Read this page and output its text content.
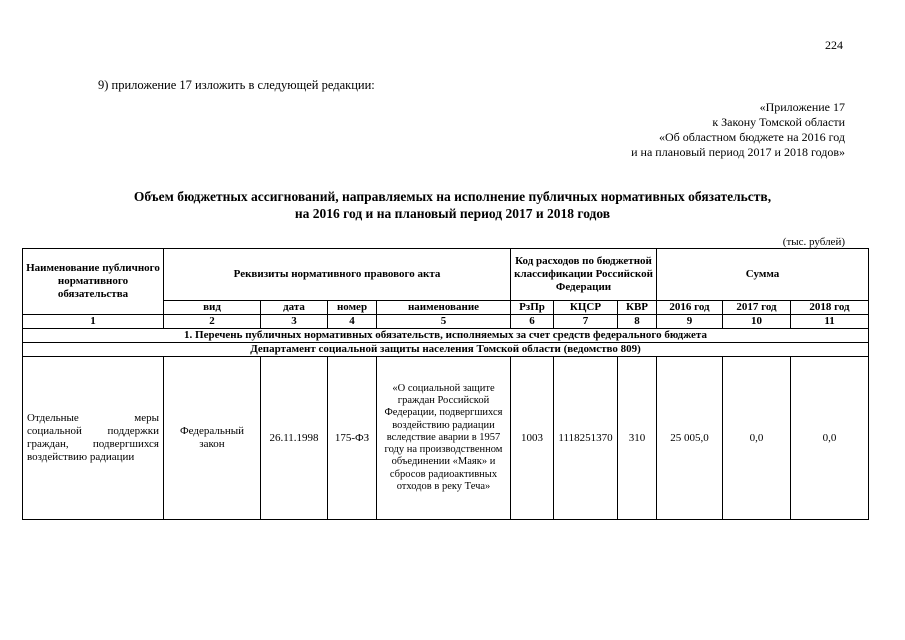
224
9) приложение 17 изложить в следующей редакции:
«Приложение 17
к Закону Томской области
«Об областном бюджете на 2016 год
и на плановый период 2017 и 2018 годов»
Объем бюджетных ассигнований, направляемых на исполнение публичных нормативных обязательств,
на 2016 год и на плановый период 2017 и 2018 годов
(тыс. рублей)
Наименование публичного нормативного обязательства	Реквизиты нормативного правового акта				Код расходов по бюджетной классификации Российской Федерации			Сумма		
	вид	дата	номер	наименование	РзПр	КЦСР	КВР	2016 год	2017 год	2018 год
1	2	3	4	5	6	7	8	9	10	11
1. Перечень публичных нормативных обязательств, исполняемых за счет средств федерального бюджета										
Департамент социальной защиты населения Томской области (ведомство 809)										

Отдельные меры
социальной поддержки
граждан, подвергшихся
воздействию радиации	Федеральный закон	26.11.1998	175-ФЗ	«О социальной защите граждан Российской Федерации, подвергшихся воздействию радиации вследствие аварии в 1957 году на производственном объединении «Маяк» и сбросов радиоактивных отходов в реку Теча»	1003	1118251370	310	25 005,0	0,0	0,0
